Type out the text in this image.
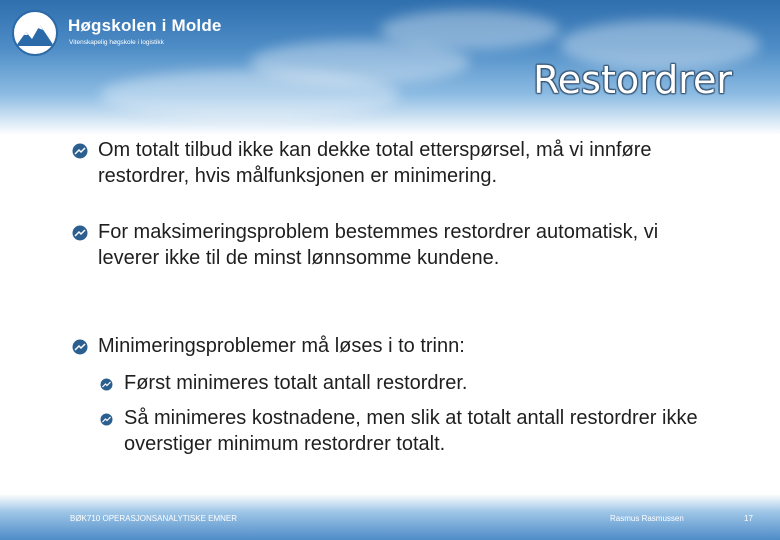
Høgskolen i Molde
Vitenskapelig høgskole i logistikk
Restordrer
Om totalt tilbud ikke kan dekke total etterspørsel, må vi innføre restordrer, hvis målfunksjonen er minimering.
For maksimeringsproblem bestemmes restordrer automatisk, vi leverer ikke til de minst lønnsomme kundene.
Minimeringsproblemer må løses i to trinn:
Først minimeres totalt antall restordrer.
Så minimeres kostnadene, men slik at totalt antall restordrer ikke overstiger minimum restordrer totalt.
BØK710 OPERASJONSANALYTISKE EMNER	Rasmus Rasmussen	17
